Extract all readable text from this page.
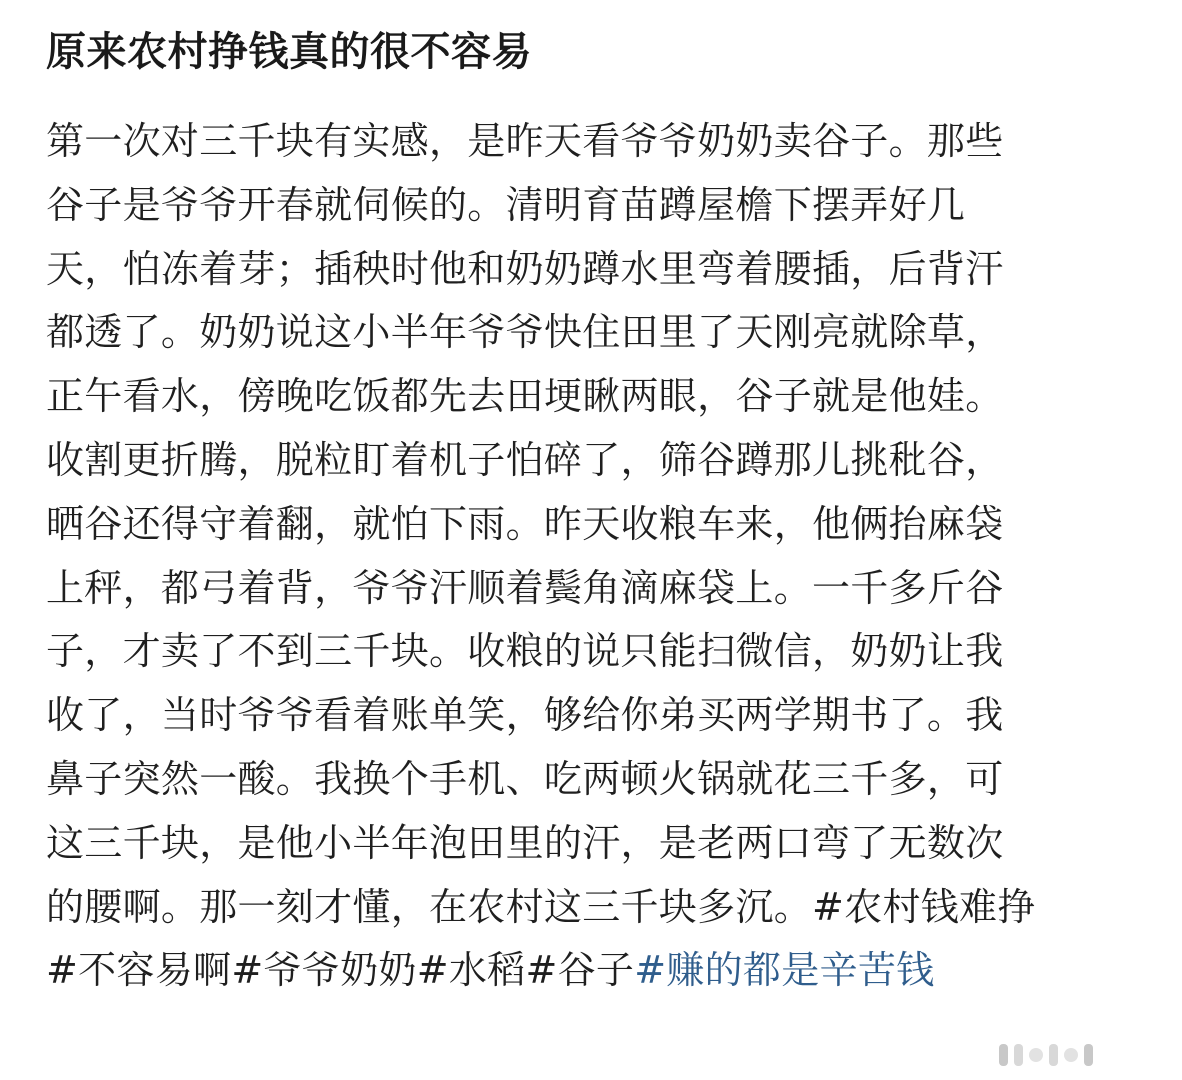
原来农村挣钱真的很不容易
第一次对三千块有实感，是昨天看爷爷奶奶卖谷子。那些
谷子是爷爷开春就伺候的。清明育苗蹲屋檐下摆弄好几
天，怕冻着芽；插秧时他和奶奶蹲水里弯着腰插，后背汗
都透了。奶奶说这小半年爷爷快住田里了天刚亮就除草，
正午看水，傍晚吃饭都先去田埂瞅两眼，谷子就是他娃。
收割更折腾，脱粒盯着机子怕碎了，筛谷蹲那儿挑秕谷，
晒谷还得守着翻，就怕下雨。昨天收粮车来，他俩抬麻袋
上秤，都弓着背，爷爷汗顺着鬓角滴麻袋上。一千多斤谷
子，才卖了不到三千块。收粮的说只能扫微信，奶奶让我
收了，当时爷爷看着账单笑，够给你弟买两学期书了。我
鼻子突然一酸。我换个手机、吃两顿火锅就花三千多，可
这三千块，是他小半年泡田里的汗，是老两口弯了无数次
的腰啊。那一刻才懂，在农村这三千块多沉。#农村钱难挣
#不容易啊#爷爷奶奶#水稻#谷子#赚的都是辛苦钱
